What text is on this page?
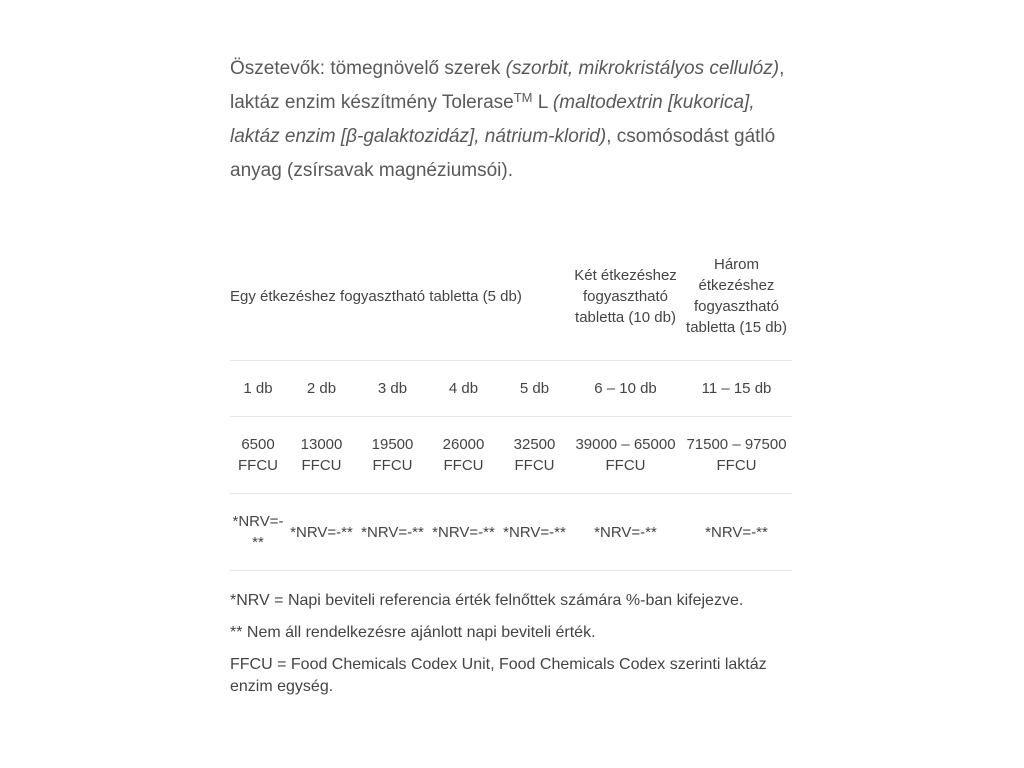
Öszetevők: tömegnövelő szerek (szorbit, mikrokristályos cellulóz), laktáz enzim készítmény Tolerase™ L (maltodextrin [kukorica], laktáz enzim [β-galaktozidáz], nátrium-klorid), csomósodást gátló anyag (zsírsavak magnéziumsói).

Egy étkezéshez fogyasztható tabletta (5 db)					Két étkezéshez fogyasztható tabletta (10 db)	Három étkezéshez fogyasztható tabletta (15 db)
1 db	2 db	3 db	4 db	5 db	6 – 10 db	11 – 15 db
6500 FFCU	13000 FFCU	19500 FFCU	26000 FFCU	32500 FFCU	39000 – 65000 FFCU	71500 – 97500 FFCU
*NRV=-**	*NRV=-**	*NRV=-**	*NRV=-**	*NRV=-**	*NRV=-**	*NRV=-**

*NRV = Napi beviteli referencia érték felnőttek számára %-ban kifejezve.

** Nem áll rendelkezésre ajánlott napi beviteli érték.

FFCU = Food Chemicals Codex Unit, Food Chemicals Codex szerinti laktáz enzim egység.
